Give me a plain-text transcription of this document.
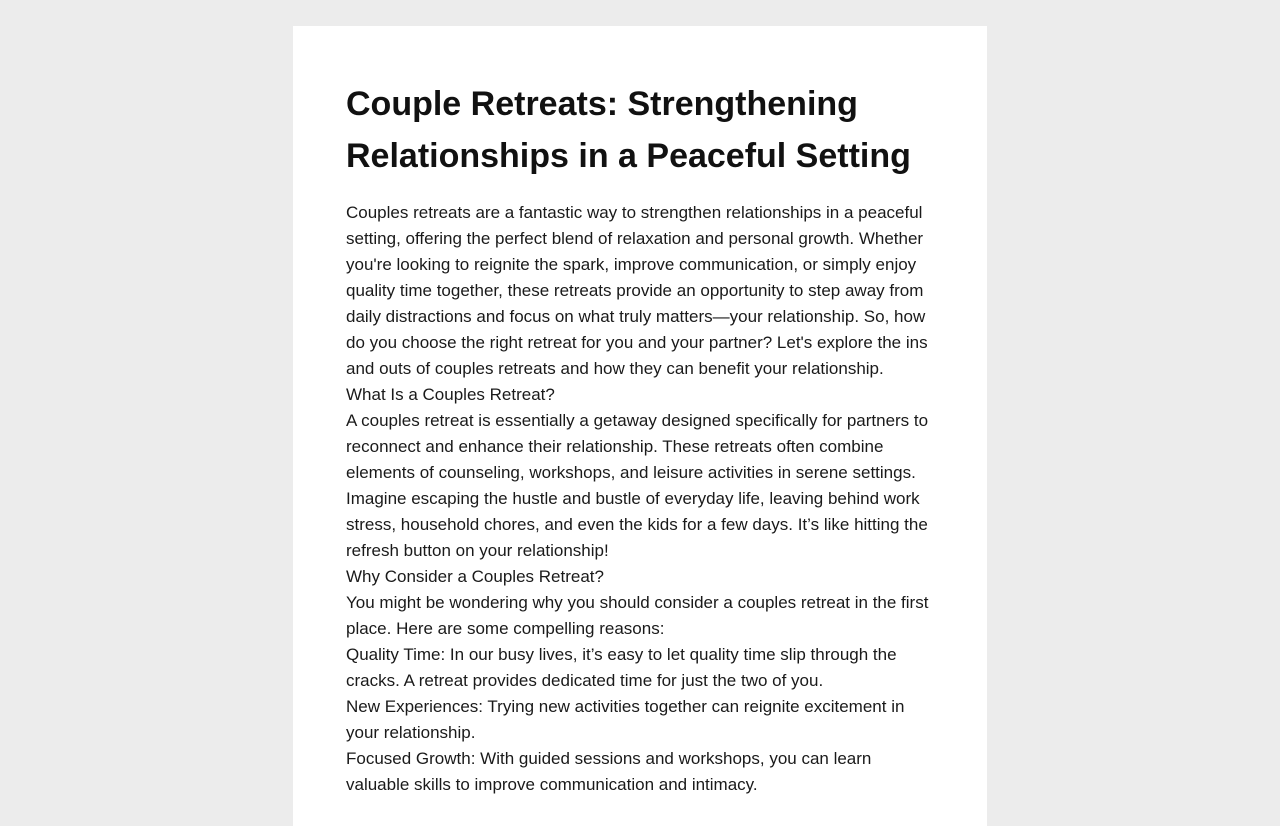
Couple Retreats: Strengthening Relationships in a Peaceful Setting

Couples retreats are a fantastic way to strengthen relationships in a peaceful setting, offering the perfect blend of relaxation and personal growth. Whether you're looking to reignite the spark, improve communication, or simply enjoy quality time together, these retreats provide an opportunity to step away from daily distractions and focus on what truly matters—your relationship. So, how do you choose the right retreat for you and your partner? Let's explore the ins and outs of couples retreats and how they can benefit your relationship.

What Is a Couples Retreat?

A couples retreat is essentially a getaway designed specifically for partners to reconnect and enhance their relationship. These retreats often combine elements of counseling, workshops, and leisure activities in serene settings. Imagine escaping the hustle and bustle of everyday life, leaving behind work stress, household chores, and even the kids for a few days. It’s like hitting the refresh button on your relationship!

Why Consider a Couples Retreat?

You might be wondering why you should consider a couples retreat in the first place. Here are some compelling reasons:

Quality Time: In our busy lives, it’s easy to let quality time slip through the cracks. A retreat provides dedicated time for just the two of you.

New Experiences: Trying new activities together can reignite excitement in your relationship.

Focused Growth: With guided sessions and workshops, you can learn valuable skills to improve communication and intimacy.
